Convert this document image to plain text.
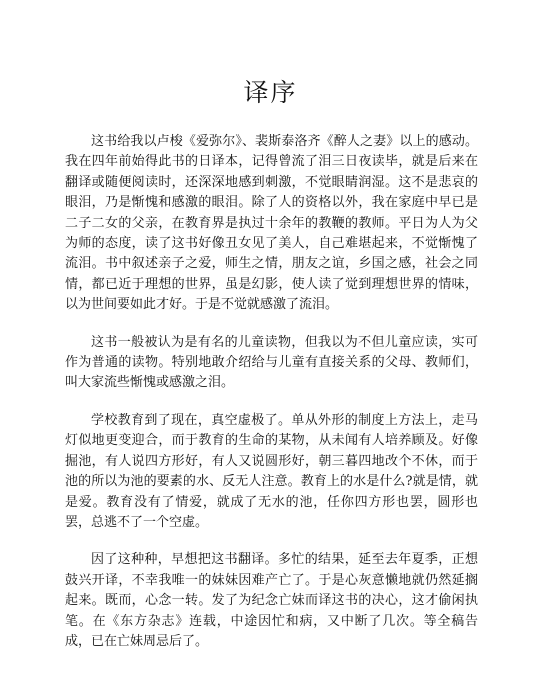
译序

这书给我以卢梭《爱弥尔》、裴斯泰洛齐《醉人之妻》以上的感动。我在四年前始得此书的日译本，记得曾流了泪三日夜读毕，就是后来在翻译或随便阅读时，还深深地感到刺激，不觉眼睛润湿。这不是悲哀的眼泪，乃是惭愧和感激的眼泪。除了人的资格以外，我在家庭中早已是二子二女的父亲，在教育界是执过十余年的教鞭的教师。平日为人为父为师的态度，读了这书好像丑女见了美人，自己难堪起来，不觉惭愧了流泪。书中叙述亲子之爱，师生之情，朋友之谊，乡国之感，社会之同情，都已近于理想的世界，虽是幻影，使人读了觉到理想世界的情味，以为世间要如此才好。于是不觉就感激了流泪。

这书一般被认为是有名的儿童读物，但我以为不但儿童应读，实可作为普通的读物。特别地敢介绍给与儿童有直接关系的父母、教师们，叫大家流些惭愧或感激之泪。

学校教育到了现在，真空虚极了。单从外形的制度上方法上，走马灯似地更变迎合，而于教育的生命的某物，从未闻有人培养顾及。好像掘池，有人说四方形好，有人又说圆形好，朝三暮四地改个不休，而于池的所以为池的要素的水、反无人注意。教育上的水是什么?就是情，就是爱。教育没有了情爱，就成了无水的池，任你四方形也罢，圆形也罢，总逃不了一个空虚。

因了这种种，早想把这书翻译。多忙的结果，延至去年夏季，正想鼓兴开译，不幸我唯一的妹妹因难产亡了。于是心灰意懒地就仍然延搁起来。既而，心念一转。发了为纪念亡妹而译这书的决心，这才偷闲执笔。在《东方杂志》连载，中途因忙和病，又中断了几次。等全稿告成，已在亡妹周忌后了。
